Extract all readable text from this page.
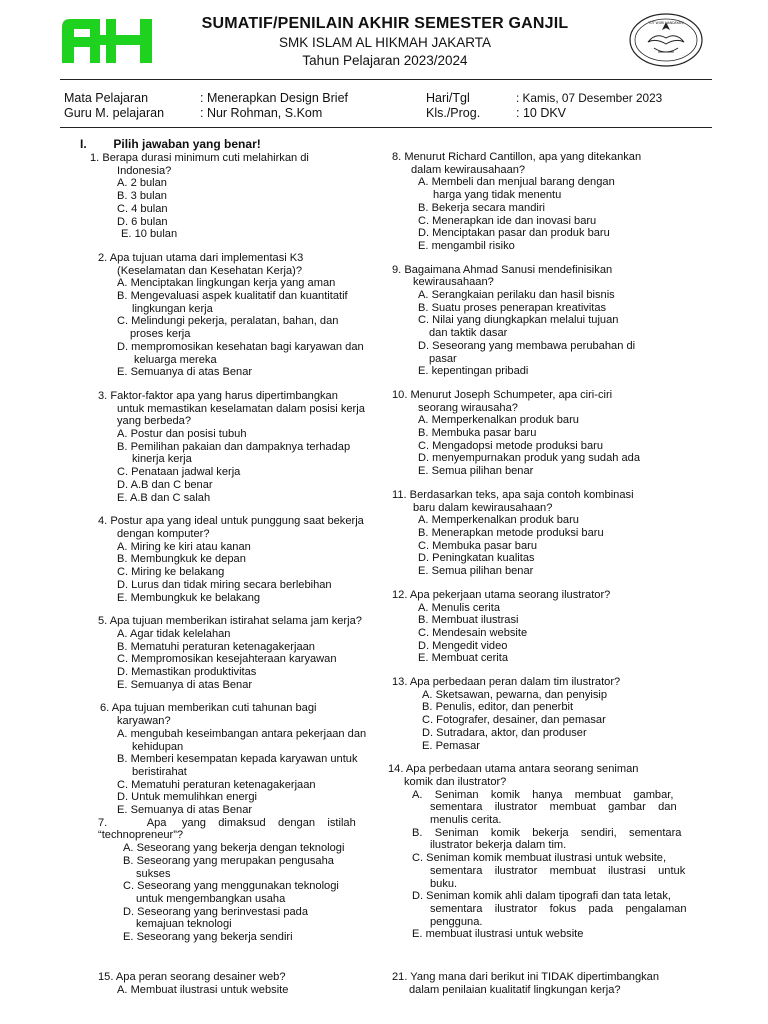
SUMATIF/PENILAIN AKHIR SEMESTER GANJIL
SMK ISLAM AL HIKMAH JAKARTA
Tahun Pelajaran 2023/2024
TUT WURI HANDAYANI
Mata Pelajaran	: Menerapkan Design Brief
Guru M. pelajaran	: Nur Rohman, S.Kom
Hari/Tgl	: Kamis, 07 Desember 2023
Kls./Prog.	: 10 DKV
I. Pilih jawaban yang benar!
1. Berapa durasi minimum cuti melahirkan di
Indonesia?
A. 2 bulan
B. 3 bulan
C. 4 bulan
D. 6 bulan
E. 10 bulan
2. Apa tujuan utama dari implementasi K3
(Keselamatan dan Kesehatan Kerja)?
A. Menciptakan lingkungan kerja yang aman
B. Mengevaluasi aspek kualitatif dan kuantitatif
lingkungan kerja
C. Melindungi pekerja, peralatan, bahan, dan
proses kerja
D. mempromosikan kesehatan bagi karyawan dan
keluarga mereka
E. Semuanya di atas Benar
3. Faktor-faktor apa yang harus dipertimbangkan
untuk memastikan keselamatan dalam posisi kerja
yang berbeda?
A. Postur dan posisi tubuh
B. Pemilihan pakaian dan dampaknya terhadap
kinerja kerja
C. Penataan jadwal kerja
D. A.B dan C benar
E. A.B dan C salah
4. Postur apa yang ideal untuk punggung saat bekerja
dengan komputer?
A. Miring ke kiri atau kanan
B. Membungkuk ke depan
C. Miring ke belakang
D. Lurus dan tidak miring secara berlebihan
E. Membungkuk ke belakang
5. Apa tujuan memberikan istirahat selama jam kerja?
A. Agar tidak kelelahan
B. Mematuhi peraturan ketenagakerjaan
C. Mempromosikan kesejahteraan karyawan
D. Memastikan produktivitas
E. Semuanya di atas Benar
6. Apa tujuan memberikan cuti tahunan bagi
karyawan?
A. mengubah keseimbangan antara pekerjaan dan
kehidupan
B. Memberi kesempatan kepada karyawan untuk
beristirahat
C. Mematuhi peraturan ketenagakerjaan
D. Untuk memulihkan energi
E. Semuanya di atas Benar
7.             Apa     yang    dimaksud    dengan    istilah
“technopreneur”?
A. Seseorang yang bekerja dengan teknologi
B. Seseorang yang merupakan pengusaha
sukses
C. Seseorang yang menggunakan teknologi
untuk mengembangkan usaha
D. Seseorang yang berinvestasi pada
kemajuan teknologi
E. Seseorang yang bekerja sendiri
15. Apa peran seorang desainer web?
A. Membuat ilustrasi untuk website
8. Menurut Richard Cantillon, apa yang ditekankan
dalam kewirausahaan?
A. Membeli dan menjual barang dengan
harga yang tidak menentu
B. Bekerja secara mandiri
C. Menerapkan ide dan inovasi baru
D. Menciptakan pasar dan produk baru
E. mengambil risiko
9. Bagaimana Ahmad Sanusi mendefinisikan
kewirausahaan?
A. Serangkaian perilaku dan hasil bisnis
B. Suatu proses penerapan kreativitas
C. Nilai yang diungkapkan melalui tujuan
dan taktik dasar
D. Seseorang yang membawa perubahan di
pasar
E. kepentingan pribadi
10. Menurut Joseph Schumpeter, apa ciri-ciri
seorang wirausaha?
A. Memperkenalkan produk baru
B. Membuka pasar baru
C. Mengadopsi metode produksi baru
D. menyempurnakan produk yang sudah ada
E. Semua pilihan benar
11. Berdasarkan teks, apa saja contoh kombinasi
baru dalam kewirausahaan?
A. Memperkenalkan produk baru
B. Menerapkan metode produksi baru
C. Membuka pasar baru
D. Peningkatan kualitas
E. Semua pilihan benar
12. Apa pekerjaan utama seorang ilustrator?
A. Menulis cerita
B. Membuat ilustrasi
C. Mendesain website
D. Mengedit video
E. Membuat cerita
13. Apa perbedaan peran dalam tim ilustrator?
A. Sketsawan, pewarna, dan penyisip
B. Penulis, editor, dan penerbit
C. Fotografer, desainer, dan pemasar
D. Sutradara, aktor, dan produser
E. Pemasar
14. Apa perbedaan utama antara seorang seniman
komik dan ilustrator?
A.    Seniman    komik    hanya    membuat    gambar,
sementara    ilustrator    membuat    gambar    dan
menulis cerita.
B.    Seniman    komik    bekerja    sendiri,    sementara
ilustrator bekerja dalam tim.
C. Seniman komik membuat ilustrasi untuk website,
sementara    ilustrator    membuat    ilustrasi    untuk
buku.
D. Seniman komik ahli dalam tipografi dan tata letak,
sementara    ilustrator    fokus    pada    pengalaman
pengguna.
E. membuat ilustrasi untuk website
21. Yang mana dari berikut ini TIDAK dipertimbangkan
dalam penilaian kualitatif lingkungan kerja?
